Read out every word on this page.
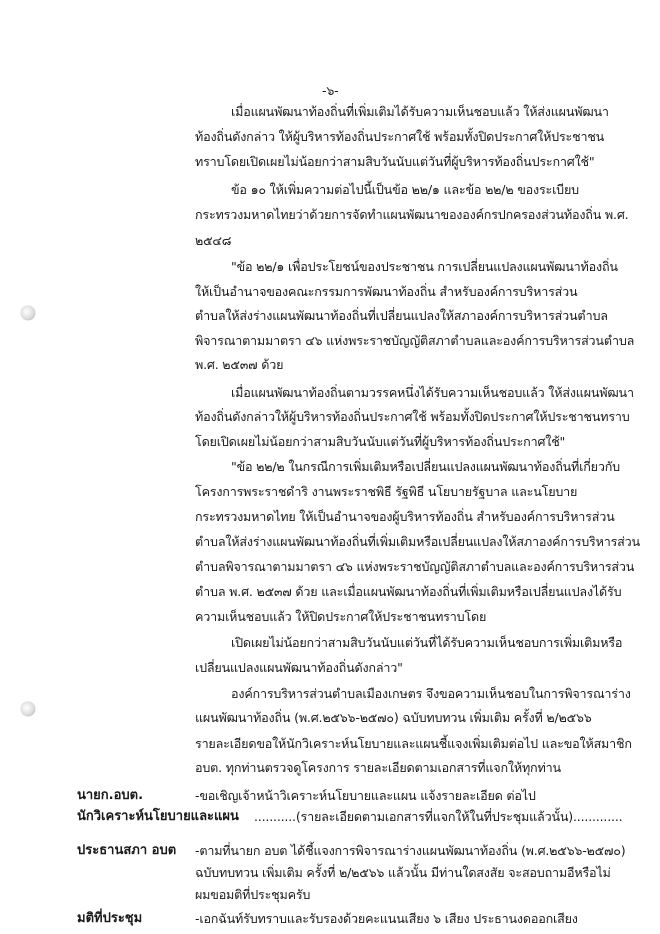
-๖-
เมื่อแผนพัฒนาท้องถิ่นที่เพิ่มเติมได้รับความเห็นชอบแล้ว ให้ส่งแผนพัฒนา
ท้องถิ่นดังกล่าว ให้ผู้บริหารท้องถิ่นประกาศใช้ พร้อมทั้งปิดประกาศให้ประชาชน
ทราบโดยเปิดเผยไม่น้อยกว่าสามสิบวันนับแต่วันที่ผู้บริหารท้องถิ่นประกาศใช้"
ข้อ ๑๐ ให้เพิ่มความต่อไปนี้เป็นข้อ ๒๒/๑ และข้อ ๒๒/๒ ของระเบียบ
กระทรวงมหาดไทยว่าด้วยการจัดทำแผนพัฒนาขององค์กรปกครองส่วนท้องถิ่น พ.ศ.
๒๕๔๘
"ข้อ ๒๒/๑ เพื่อประโยชน์ของประชาชน การเปลี่ยนแปลงแผนพัฒนาท้องถิ่น
ให้เป็นอำนาจของคณะกรรมการพัฒนาท้องถิ่น สำหรับองค์การบริหารส่วน
ตำบลให้ส่งร่างแผนพัฒนาท้องถิ่นที่เปลี่ยนแปลงให้สภาองค์การบริหารส่วนตำบล
พิจารณาตามมาตรา ๔๖ แห่งพระราชบัญญัติสภาตำบลและองค์การบริหารส่วนตำบล
พ.ศ. ๒๕๓๗ ด้วย
เมื่อแผนพัฒนาท้องถิ่นตามวรรคหนึ่งได้รับความเห็นชอบแล้ว ให้ส่งแผนพัฒนา
ท้องถิ่นดังกล่าวให้ผู้บริหารท้องถิ่นประกาศใช้ พร้อมทั้งปิดประกาศให้ประชาชนทราบ
โดยเปิดเผยไม่น้อยกว่าสามสิบวันนับแต่วันที่ผู้บริหารท้องถิ่นประกาศใช้"
"ข้อ ๒๒/๒ ในกรณีการเพิ่มเติมหรือเปลี่ยนแปลงแผนพัฒนาท้องถิ่นที่เกี่ยวกับ
โครงการพระราชดำริ งานพระราชพิธี รัฐพิธี นโยบายรัฐบาล และนโยบาย
กระทรวงมหาดไทย ให้เป็นอำนาจของผู้บริหารท้องถิ่น สำหรับองค์การบริหารส่วน
ตำบลให้ส่งร่างแผนพัฒนาท้องถิ่นที่เพิ่มเติมหรือเปลี่ยนแปลงให้สภาองค์การบริหารส่วน
ตำบลพิจารณาตามมาตรา ๔๖ แห่งพระราชบัญญัติสภาตำบลและองค์การบริหารส่วน
ตำบล พ.ศ. ๒๕๓๗ ด้วย และเมื่อแผนพัฒนาท้องถิ่นที่เพิ่มเติมหรือเปลี่ยนแปลงได้รับ
ความเห็นชอบแล้ว ให้ปิดประกาศให้ประชาชนทราบโดย
เปิดเผยไม่น้อยกว่าสามสิบวันนับแต่วันที่ได้รับความเห็นชอบการเพิ่มเติมหรือ
เปลี่ยนแปลงแผนพัฒนาท้องถิ่นดังกล่าว"
องค์การบริหารส่วนตำบลเมืองเกษตร จึงขอความเห็นชอบในการพิจารณาร่าง
แผนพัฒนาท้องถิ่น (พ.ศ.๒๕๖๖-๒๕๗๐) ฉบับทบทวน เพิ่มเติม ครั้งที่ ๒/๒๕๖๖
รายละเอียดขอให้นักวิเคราะห์นโยบายและแผนชี้แจงเพิ่มเติมต่อไป และขอให้สมาชิก
อบต. ทุกท่านตรวจดูโครงการ รายละเอียดตามเอกสารที่แจกให้ทุกท่าน
นายก.อบต.	-ขอเชิญเจ้าหน้าวิเคราะห์นโยบายและแผน แจ้งรายละเอียด ต่อไป
นักวิเคราะห์นโยบายและแผน ...........(รายละเอียดตามเอกสารที่แจกให้ในที่ประชุมแล้วนั้น).............
ประธานสภา อบต -ตามที่นายก อบต ได้ชี้แจงการพิจารณาร่างแผนพัฒนาท้องถิ่น (พ.ศ.๒๕๖๖-๒๕๗๐)
ฉบับทบทวน เพิ่มเติม ครั้งที่ ๒/๒๕๖๖ แล้วนั้น มีท่านใดสงสัย จะสอบถามอีหรือไม่
ผมขอมติที่ประชุมครับ
มติที่ประชุม	-เอกฉันท์รับทราบและรับรองด้วยคะแนนเสียง ๖ เสียง ประธานงดออกเสียง
